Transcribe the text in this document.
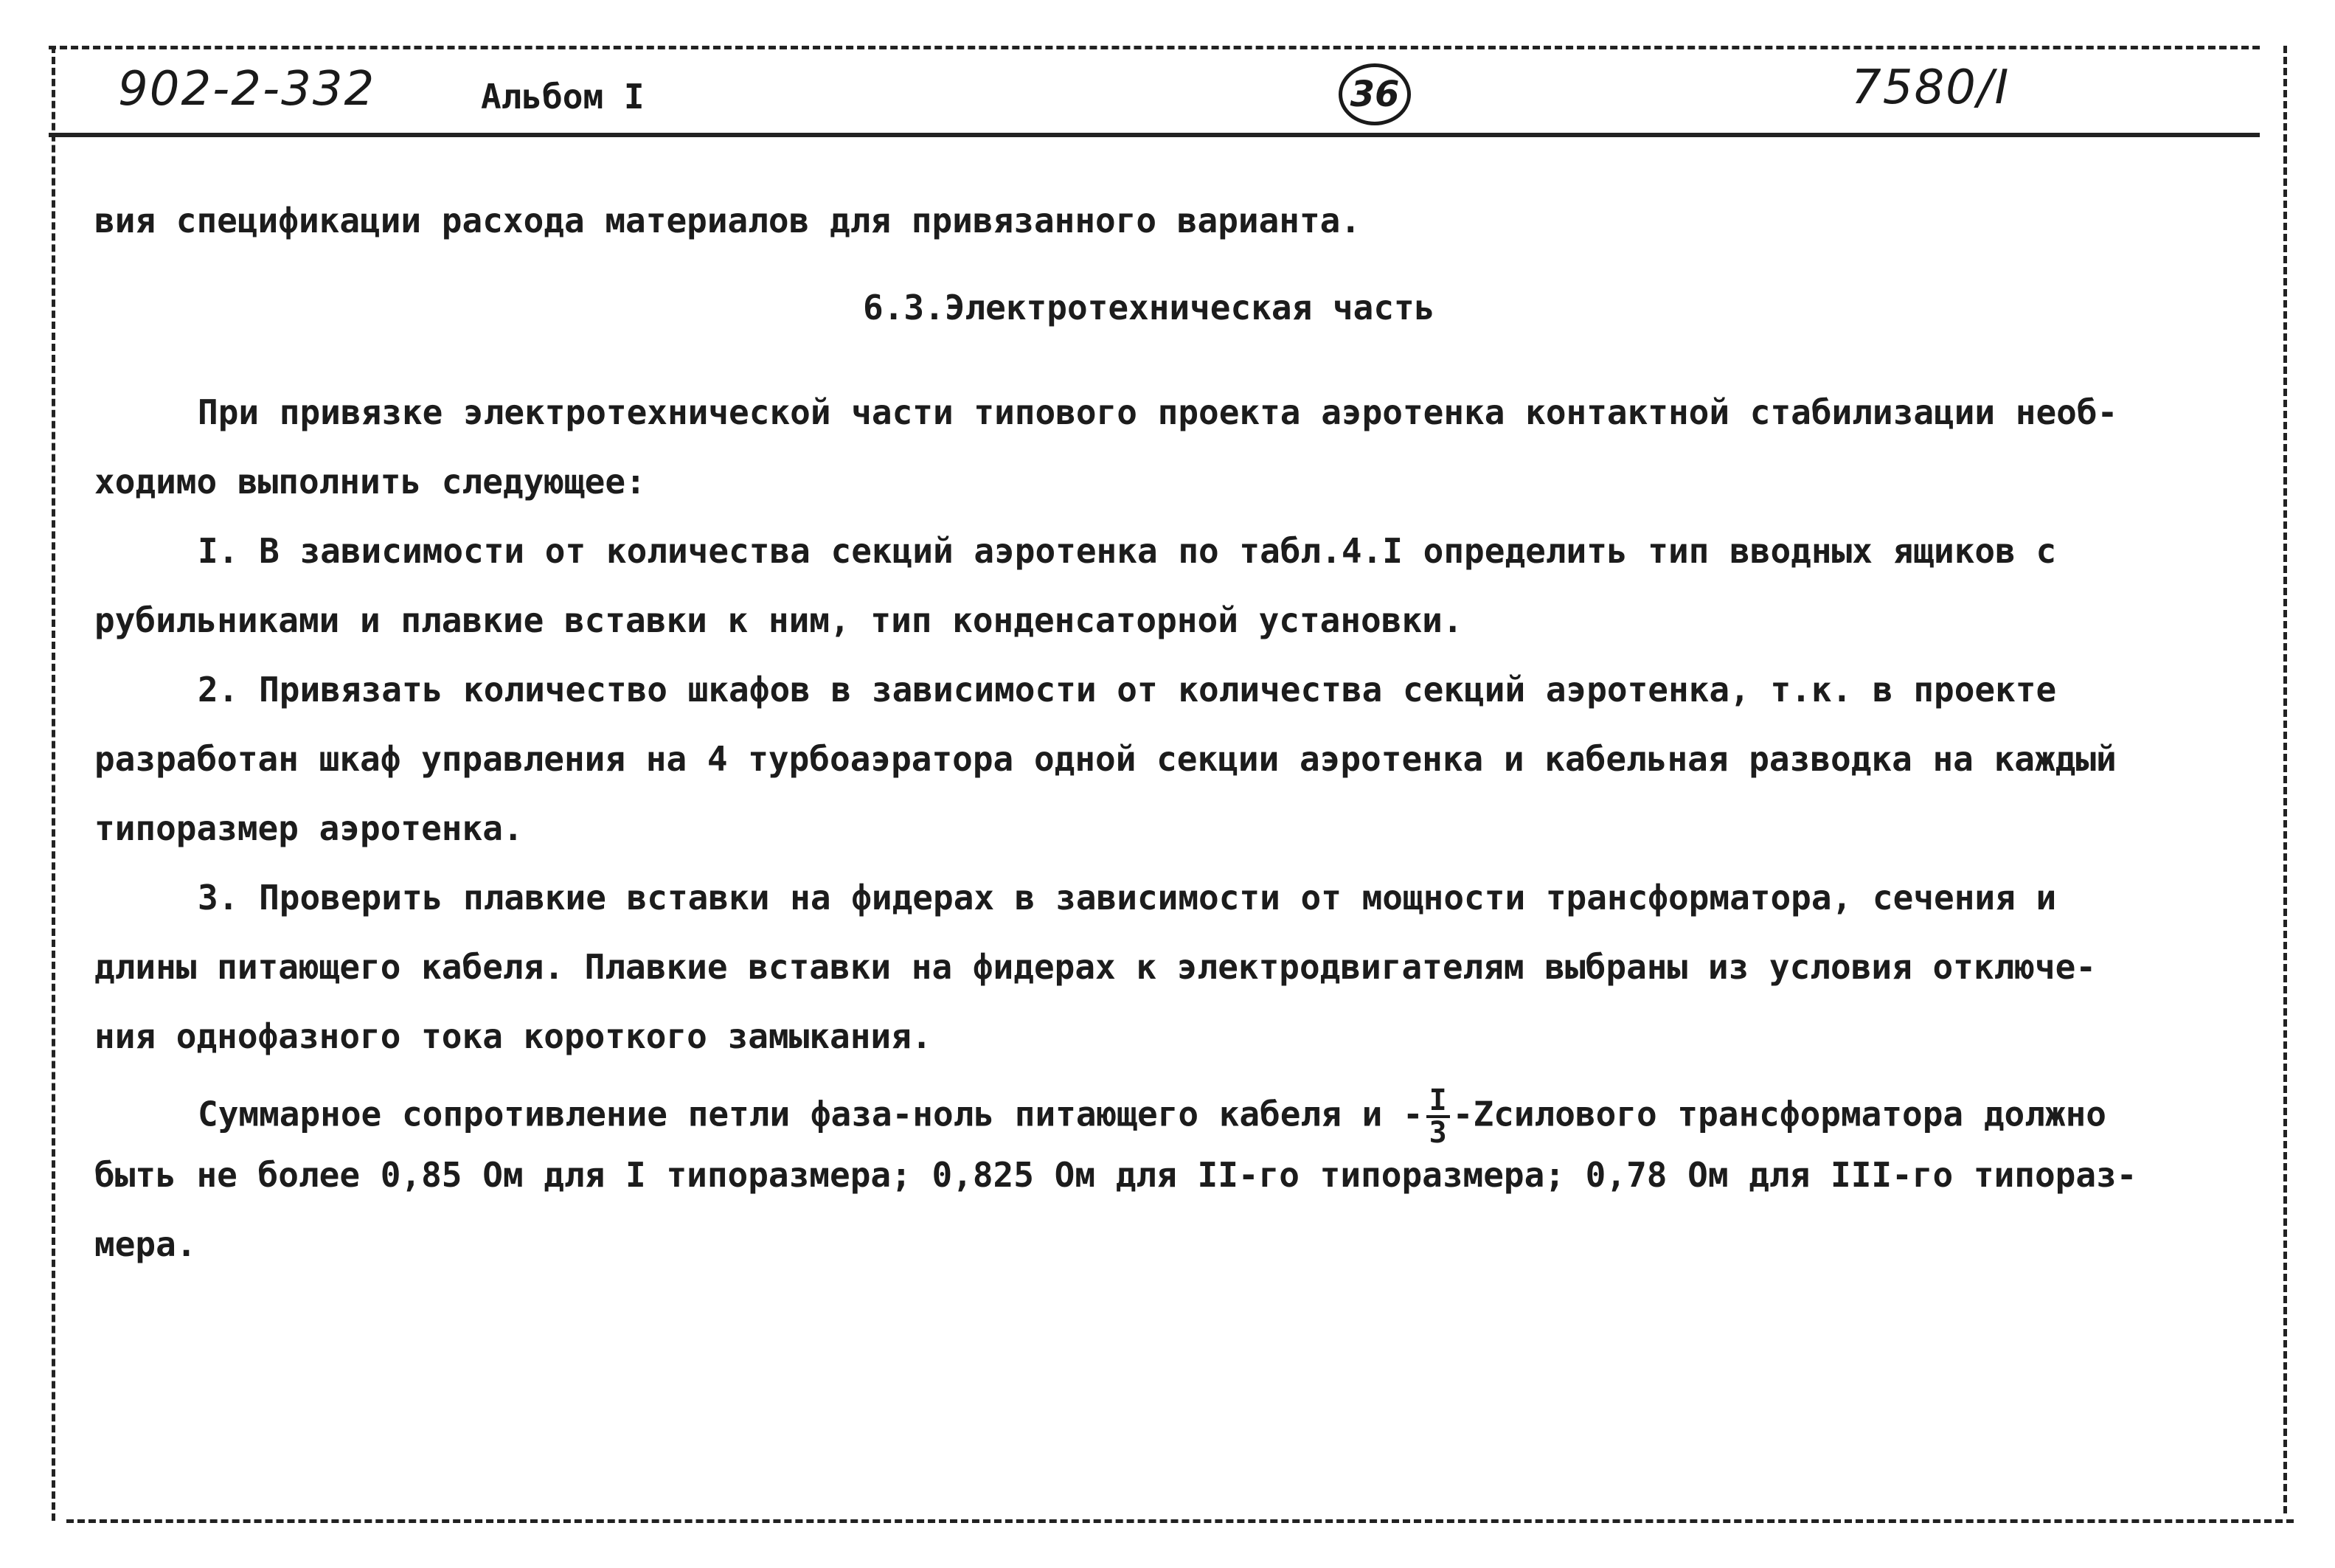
902-2-332	Альбом I	36	7580/I
вия спецификации расхода материалов для привязанного варианта.
6.3.Электротехническая часть
При привязке электротехнической части типового проекта аэротенка контактной стабилизации необ-
ходимо выполнить следующее:
I. В зависимости от количества секций аэротенка по табл.4.I определить тип вводных ящиков с
рубильниками и плавкие вставки к ним, тип конденсаторной установки.
2. Привязать количество шкафов в зависимости от количества секций аэротенка, т.к. в проекте
разработан шкаф управления на 4 турбоаэратора одной секции аэротенка и кабельная разводка на каждый
типоразмер аэротенка.
3. Проверить плавкие вставки на фидерах в зависимости от мощности трансформатора, сечения и
длины питающего кабеля. Плавкие вставки на фидерах к электродвигателям выбраны из условия отключе-
ния однофазного тока короткого замыкания.
Суммарное сопротивление петли фаза-ноль питающего кабеля и - $\frac{I}{3}$ -Zсилового трансформатора должно
быть не более 0,85 Ом для I типоразмера; 0,825 Ом для II-го типоразмера; 0,78 Ом для III-го типораз-
мера.
